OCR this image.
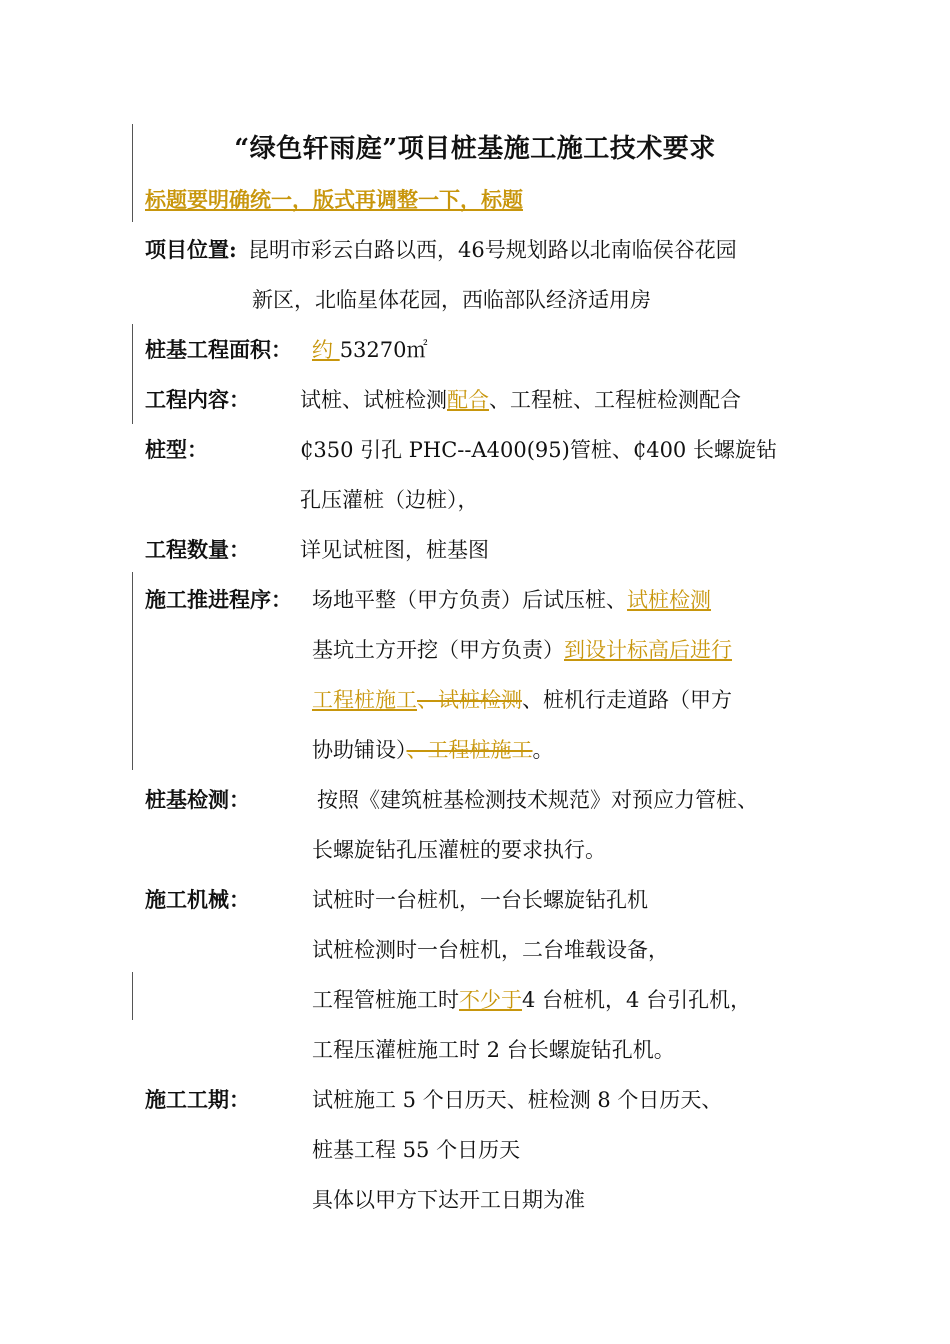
“绿色轩雨庭”项目桩基施工施工技术要求
标题要明确统一，版式再调整一下，标题
项目位置: 昆明市彩云白路以西，46号规划路以北南临侯谷花园
新区，北临星体花园，西临部队经济适用房
桩基工程面积： 约 53270㎡
工程内容： 试桩、试桩检测配合、工程桩、工程桩检测配合
桩型：	₵350 引孔 PHC--A400(95)管桩、₵400 长螺旋钻
孔压灌桩（边桩），
工程数量： 详见试桩图，桩基图
施工推进程序： 场地平整（甲方负责）后试压桩、试桩检测
基坑土方开挖（甲方负责）到设计标高后进行
工程桩施工、试桩检测、桩机行走道路（甲方
协助铺设）、工程桩施工。
桩基检测：	按照《建筑桩基检测技术规范》对预应力管桩、
长螺旋钻孔压灌桩的要求执行。
施工机械：	试桩时一台桩机，一台长螺旋钻孔机
试桩检测时一台桩机，二台堆载设备，
工程管桩施工时不少于4 台桩机，4 台引孔机，
工程压灌桩施工时 2 台长螺旋钻孔机。
施工工期：	试桩施工 5 个日历天、桩检测 8 个日历天、
桩基工程 55 个日历天
具体以甲方下达开工日期为准
